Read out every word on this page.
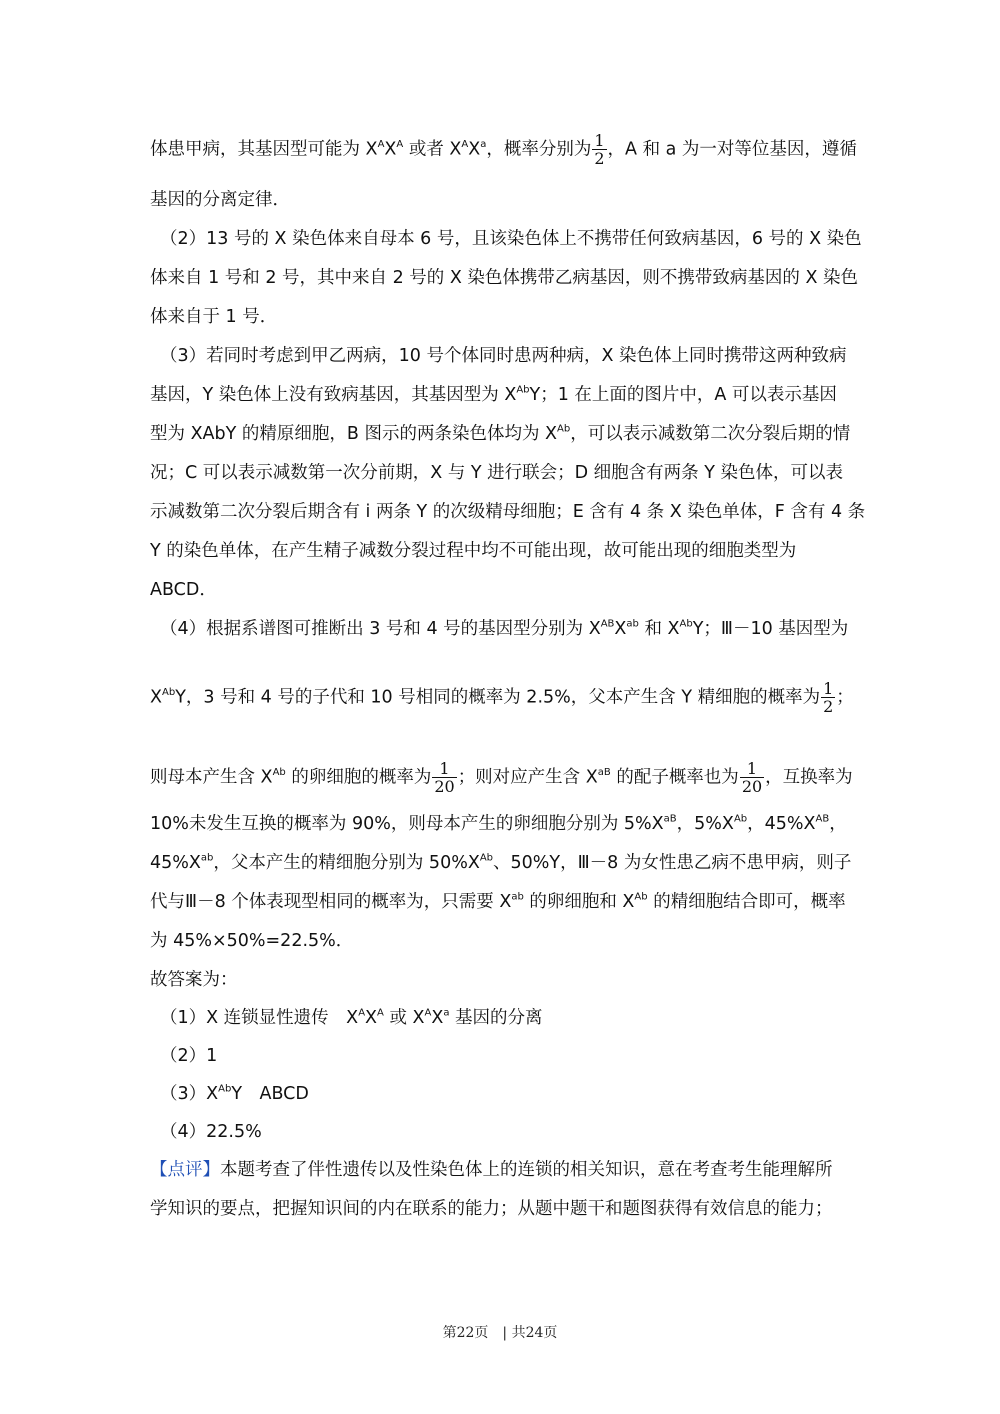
体患甲病，其基因型可能为 $X^AX^A$ 或者 $X^AX^a$，概率分别为 $\frac{1}{2}$ ，A 和 a 为一对等位基因，遵循
基因的分离定律．
（2）13 号的 X 染色体来自母本 6 号，且该染色体上不携带任何致病基因，6 号的 X 染色
体来自 1 号和 2 号，其中来自 2 号的 X 染色体携带乙病基因，则不携带致病基因的 X 染色
体来自于 1 号．
（3）若同时考虑到甲乙两病，10 号个体同时患两种病，X 染色体上同时携带这两种致病
基因，Y 染色体上没有致病基因，其基因型为 $X^{Ab}Y$；1 在上面的图片中，A 可以表示基因
型为 XAbY 的精原细胞，B 图示的两条染色体均为 $X^{Ab}$，可以表示减数第二次分裂后期的情
况；C 可以表示减数第一次分前期，X 与 Y 进行联会；D 细胞含有两条 Y 染色体，可以表
示减数第二次分裂后期含有 i 两条 Y 的次级精母细胞；E 含有 4 条 X 染色单体，F 含有 4 条
Y 的染色单体，在产生精子减数分裂过程中均不可能出现，故可能出现的细胞类型为
ABCD．
（4）根据系谱图可推断出 3 号和 4 号的基因型分别为 $X^{AB}X^{ab}$ 和 $X^{Ab}Y$；Ⅲ－10 基因型为
$X^{Ab}Y$，3 号和 4 号的子代和 10 号相同的概率为 2.5%，父本产生含 Y 精细胞的概率为 $\frac{1}{2}$ ；
则母本产生含 $X^{Ab}$ 的卵细胞的概率为 $\frac{1}{20}$ ；则对应产生含 $X^{aB}$ 的配子概率也为 $\frac{1}{20}$ ，互换率为
10%未发生互换的概率为 90%，则母本产生的卵细胞分别为 $5\%X^{aB}$，$5\%X^{Ab}$，$45\%X^{AB}$，
$45\%X^{ab}$，父本产生的精细胞分别为 $50\%X^{Ab}$、50%Y，Ⅲ－8 为女性患乙病不患甲病，则子
代与Ⅲ－8 个体表现型相同的概率为，只需要 $X^{ab}$ 的卵细胞和 $X^{Ab}$ 的精细胞结合即可，概率
为 45%×50%=22.5%．
故答案为：
（1）X 连锁显性遗传　$X^AX^A$ 或 $X^AX^a$ 基因的分离
（2）1
$(3)X^{Ab}Y$　ABCD
（4）22.5%
【点评】本题考查了伴性遗传以及性染色体上的连锁的相关知识，意在考查考生能理解所
学知识的要点，把握知识间的内在联系的能力；从题中题干和题图获得有效信息的能力；
第22页　| 共24页
